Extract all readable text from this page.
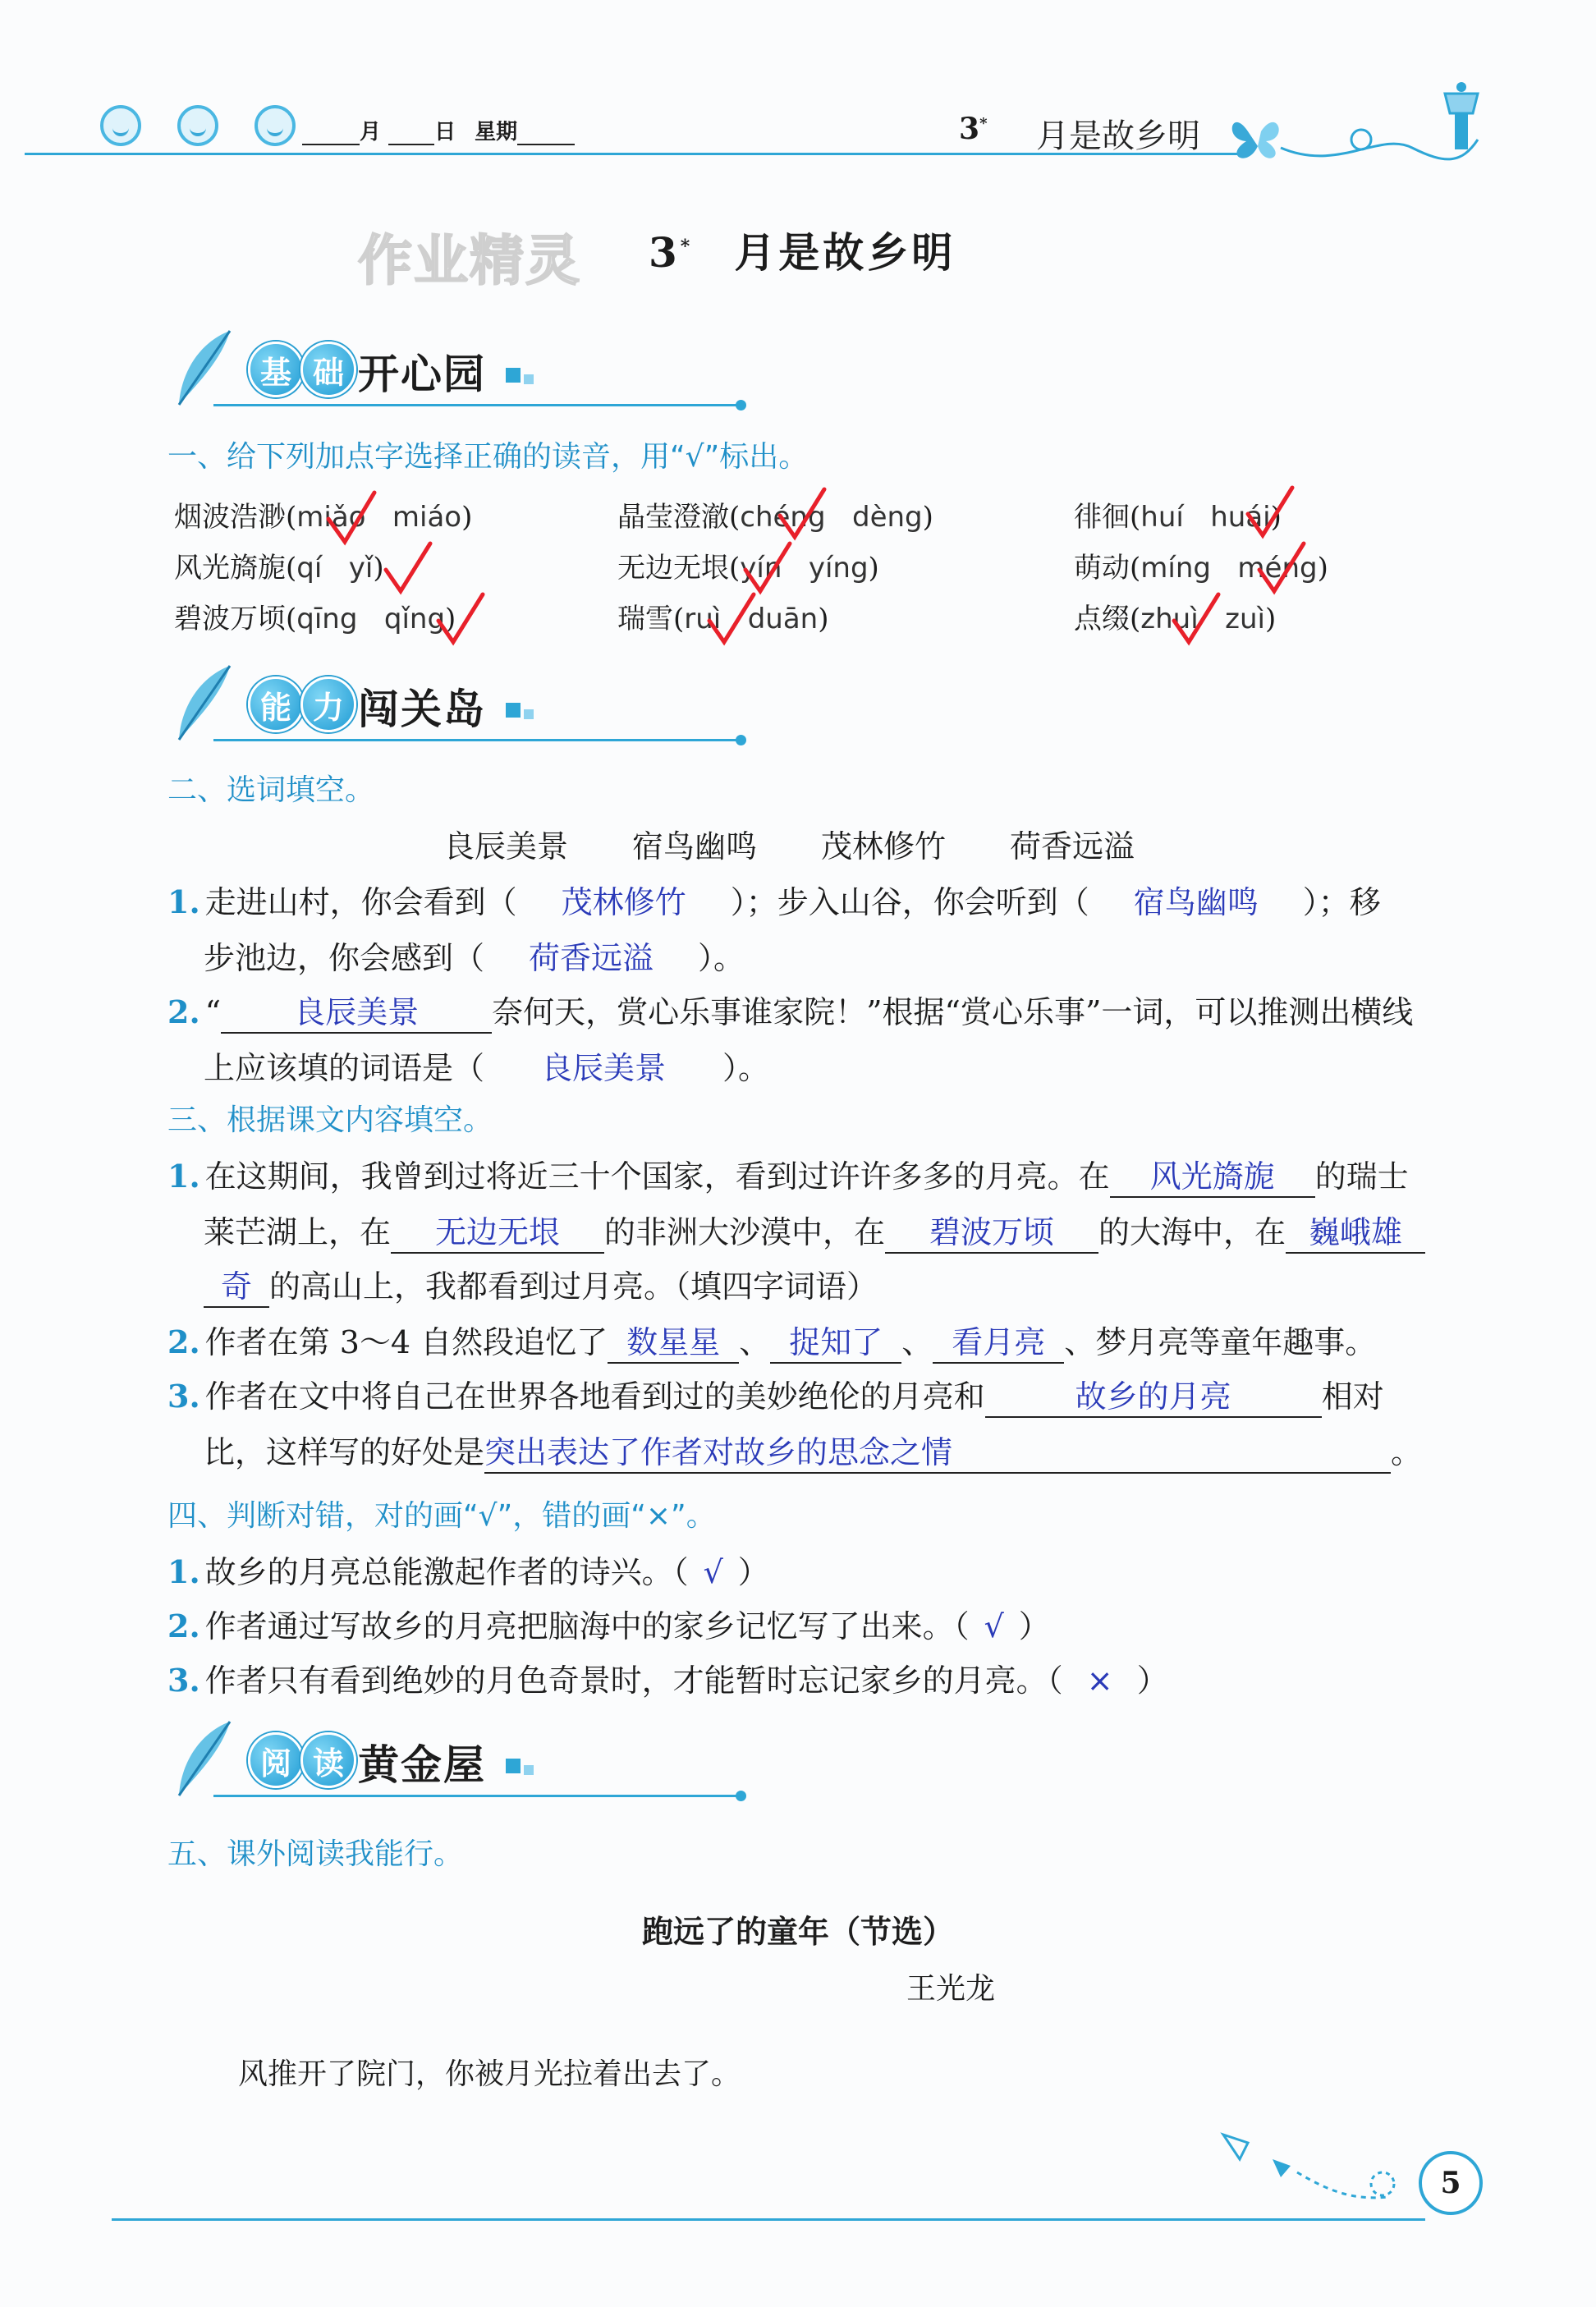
月	日 星期	3* 月是故乡明
作业精灵 3* 月是故乡明
基 础 开心园
一、给下列加点字选择正确的读音，用“√”标出。
烟波浩渺(miǎo miáo)	晶莹澄澈(chéng dèng)	徘徊(huí huái)
风光旖旎(qí yǐ)	无边无垠(yín yíng)	萌动(míng méng)
碧波万顷(qīng qǐng)	瑞雪(ruì duān)	点缀(zhuì zuì)
能 力 闯关岛
二、选词填空。
良辰美景 宿鸟幽鸣 茂林修竹 荷香远溢
1. 走进山村，你会看到（ 茂林修竹 ）；步入山谷，你会听到（ 宿鸟幽鸣 ）；移
步池边，你会感到（ 荷香远溢 ）。
2. “ 良辰美景 奈何天，赏心乐事谁家院！”根据“赏心乐事”一词，可以推测出横线
上应该填的词语是（ 良辰美景 ）。
三、根据课文内容填空。
1. 在这期间，我曾到过将近三十个国家，看到过许许多多的月亮。在 风光旖旎 的瑞士
莱芒湖上，在 无边无垠 的非洲大沙漠中，在 碧波万顷 的大海中，在 巍峨雄
奇 的高山上，我都看到过月亮。（填四字词语）
2. 作者在第 3～4 自然段追忆了 数星星 、 捉知了 、 看月亮 、梦月亮等童年趣事。
3. 作者在文中将自己在世界各地看到过的美妙绝伦的月亮和	故乡的月亮	相对
比，这样写的好处是突出表达了作者对故乡的思念之情	。
四、判断对错，对的画“√”，错的画“×”。
1. 故乡的月亮总能激起作者的诗兴。（ √ ）
2. 作者通过写故乡的月亮把脑海中的家乡记忆写了出来。（ √ ）
3. 作者只有看到绝妙的月色奇景时，才能暂时忘记家乡的月亮。（ × ）
阅 读 黄金屋
五、课外阅读我能行。
跑远了的童年（节选）
王光龙
风推开了院门，你被月光拉着出去了。
5
